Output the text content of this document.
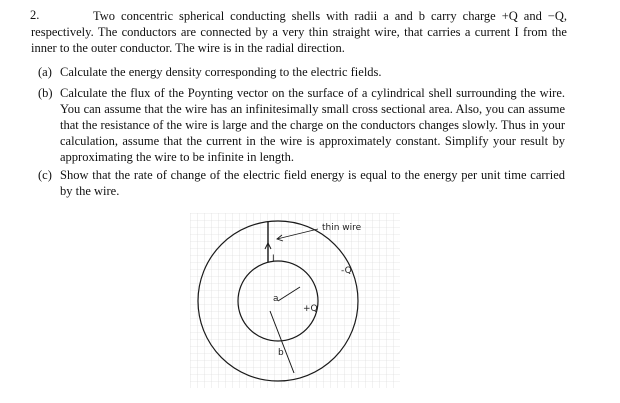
2.	Two concentric spherical conducting shells with radii a and b carry charge +Q and −Q, respectively. The conductors are connected by a very thin straight wire, that carries a current I from the inner to the outer conductor. The wire is in the radial direction.
(a) Calculate the energy density corresponding to the electric fields.
(b) Calculate the flux of the Poynting vector on the surface of a cylindrical shell surrounding the wire. You can assume that the wire has an infinitesimally small cross sectional area. Also, you can assume that the resistance of the wire is large and the charge on the conductors changes slowly. Thus in your calculation, assume that the current in the wire is approximately constant. Simplify your result by approximating the wire to be infinite in length.
(c) Show that the rate of change of the electric field energy is equal to the energy per unit time carried by the wire.
thin wire
I
-Q
a
+Q
b
